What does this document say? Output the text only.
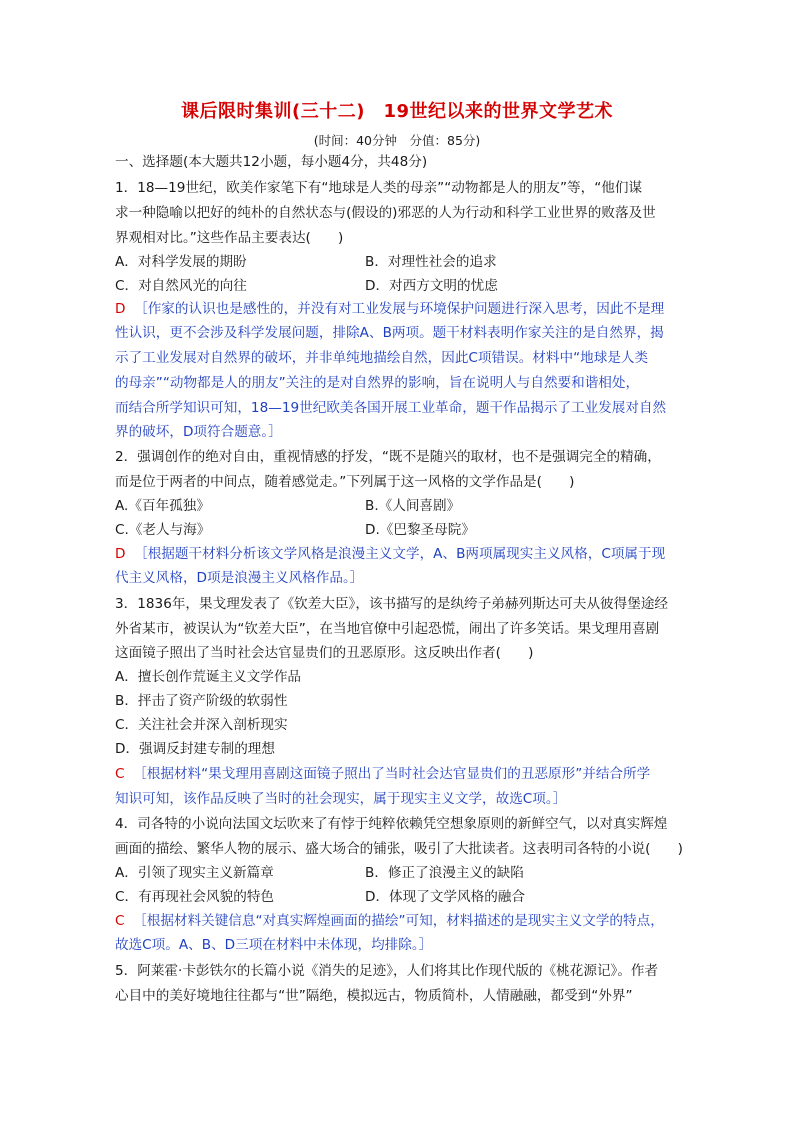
课后限时集训(三十二)　19世纪以来的世界文学艺术
(时间：40分钟　分值：85分)
一、选择题(本大题共12小题，每小题4分，共48分)
1．18—19世纪，欧美作家笔下有“地球是人类的母亲”“动物都是人的朋友”等，“他们谋
求一种隐喻以把好的纯朴的自然状态与(假设的)邪恶的人为行动和科学工业世界的败落及世
界观相对比。”这些作品主要表达(　　)
A．对科学发展的期盼	B．对理性社会的追求
C．对自然风光的向往	D．对西方文明的忧虑
D ［作家的认识也是感性的，并没有对工业发展与环境保护问题进行深入思考，因此不是理
性认识，更不会涉及科学发展问题，排除A、B两项。题干材料表明作家关注的是自然界，揭
示了工业发展对自然界的破坏，并非单纯地描绘自然，因此C项错误。材料中“地球是人类
的母亲”“动物都是人的朋友”关注的是对自然界的影响，旨在说明人与自然要和谐相处，
而结合所学知识可知，18—19世纪欧美各国开展工业革命，题干作品揭示了工业发展对自然
界的破坏，D项符合题意。］
2．强调创作的绝对自由，重视情感的抒发，“既不是随兴的取材，也不是强调完全的精确，
而是位于两者的中间点，随着感觉走。”下列属于这一风格的文学作品是(　　)
A.《百年孤独》	B.《人间喜剧》
C.《老人与海》	D.《巴黎圣母院》
D ［根据题干材料分析该文学风格是浪漫主义文学，A、B两项属现实主义风格，C项属于现
代主义风格，D项是浪漫主义风格作品。］
3．1836年，果戈理发表了《钦差大臣》，该书描写的是纨绔子弟赫列斯达可夫从彼得堡途经
外省某市，被误认为“钦差大臣”，在当地官僚中引起恐慌，闹出了许多笑话。果戈理用喜剧
这面镜子照出了当时社会达官显贵们的丑恶原形。这反映出作者(　　)
A．擅长创作荒诞主义文学作品
B．抨击了资产阶级的软弱性
C．关注社会并深入剖析现实
D．强调反封建专制的理想
C ［根据材料“果戈理用喜剧这面镜子照出了当时社会达官显贵们的丑恶原形”并结合所学
知识可知，该作品反映了当时的社会现实，属于现实主义文学，故选C项。］
4．司各特的小说向法国文坛吹来了有悖于纯粹依赖凭空想象原则的新鲜空气，以对真实辉煌
画面的描绘、繁华人物的展示、盛大场合的铺张，吸引了大批读者。这表明司各特的小说(　　)
A．引领了现实主义新篇章	B．修正了浪漫主义的缺陷
C．有再现社会风貌的特色	D．体现了文学风格的融合
C ［根据材料关键信息“对真实辉煌画面的描绘”可知，材料描述的是现实主义文学的特点，
故选C项。A、B、D三项在材料中未体现，均排除。］
5．阿莱霍·卡彭铁尔的长篇小说《消失的足迹》，人们将其比作现代版的《桃花源记》。作者
心目中的美好境地往往都与“世”隔绝，模拟远古，物质简朴，人情融融，都受到“外界”
